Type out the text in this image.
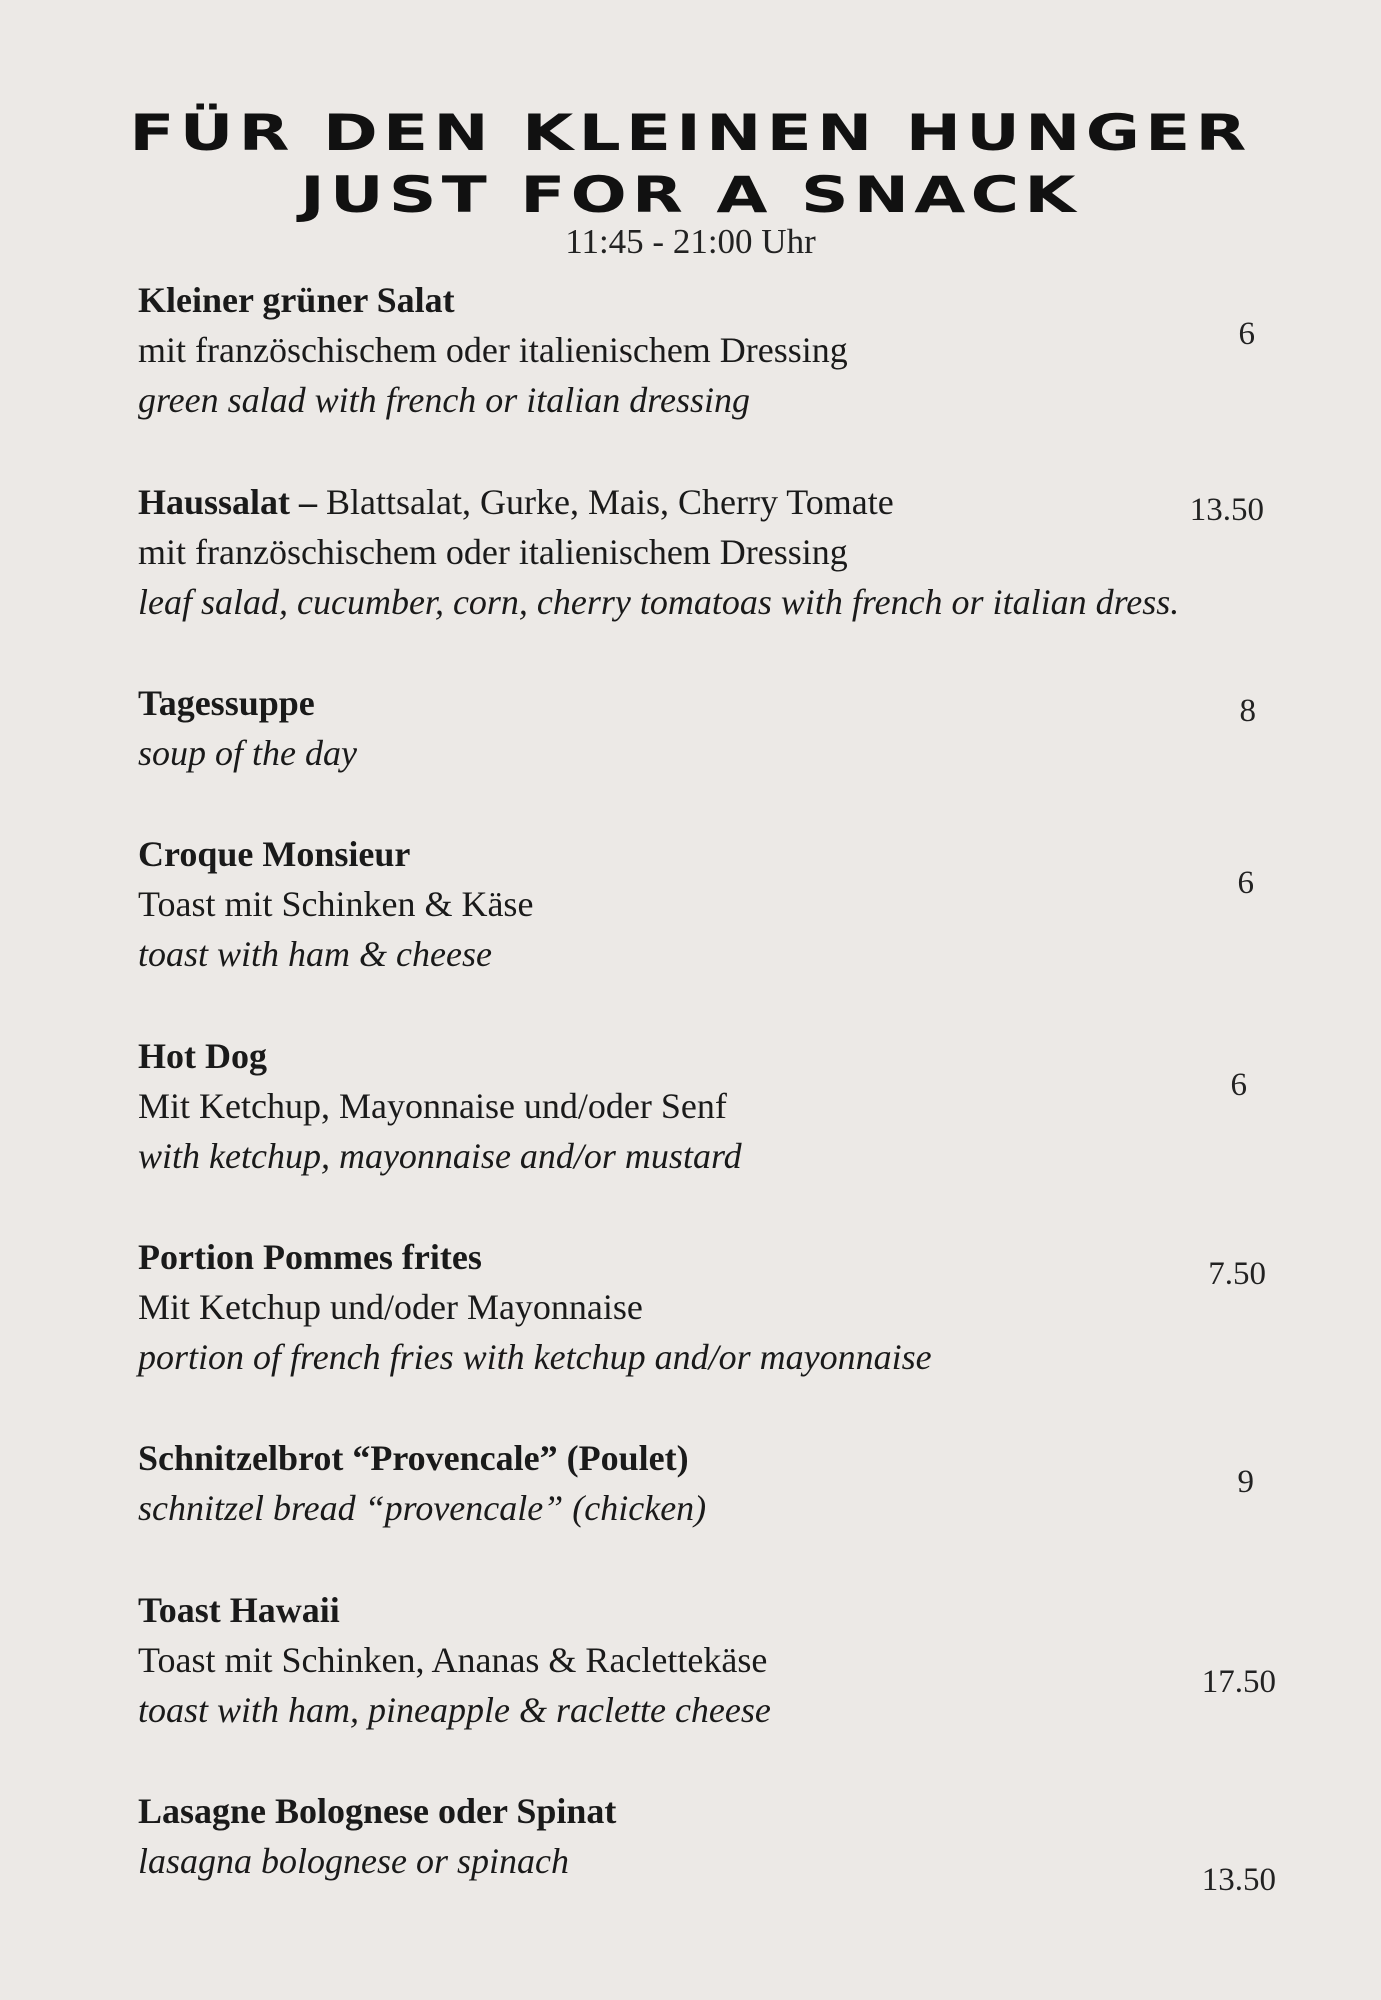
FÜR DEN KLEINEN HUNGER
JUST FOR A SNACK
11:45 - 21:00 Uhr
Kleiner grüner Salat
mit französchischem oder italienischem Dressing
green salad with french or italian dressing
6
Haussalat – Blattsalat, Gurke, Mais, Cherry Tomate
mit französchischem oder italienischem Dressing
leaf salad, cucumber, corn, cherry tomatoas with french or italian dress.
13.50
Tagessuppe
soup of the day
8
Croque Monsieur
Toast mit Schinken & Käse
toast with ham & cheese
6
Hot Dog
Mit Ketchup, Mayonnaise und/oder Senf
with ketchup, mayonnaise and/or mustard
6
Portion Pommes frites
Mit Ketchup und/oder Mayonnaise
portion of french fries with ketchup and/or mayonnaise
7.50
Schnitzelbrot “Provencale” (Poulet)
schnitzel bread “provencale” (chicken)
9
Toast Hawaii
Toast mit Schinken, Ananas & Raclettekäse
toast with ham, pineapple & raclette cheese
17.50
Lasagne Bolognese oder Spinat
lasagna bolognese or spinach	13.50
